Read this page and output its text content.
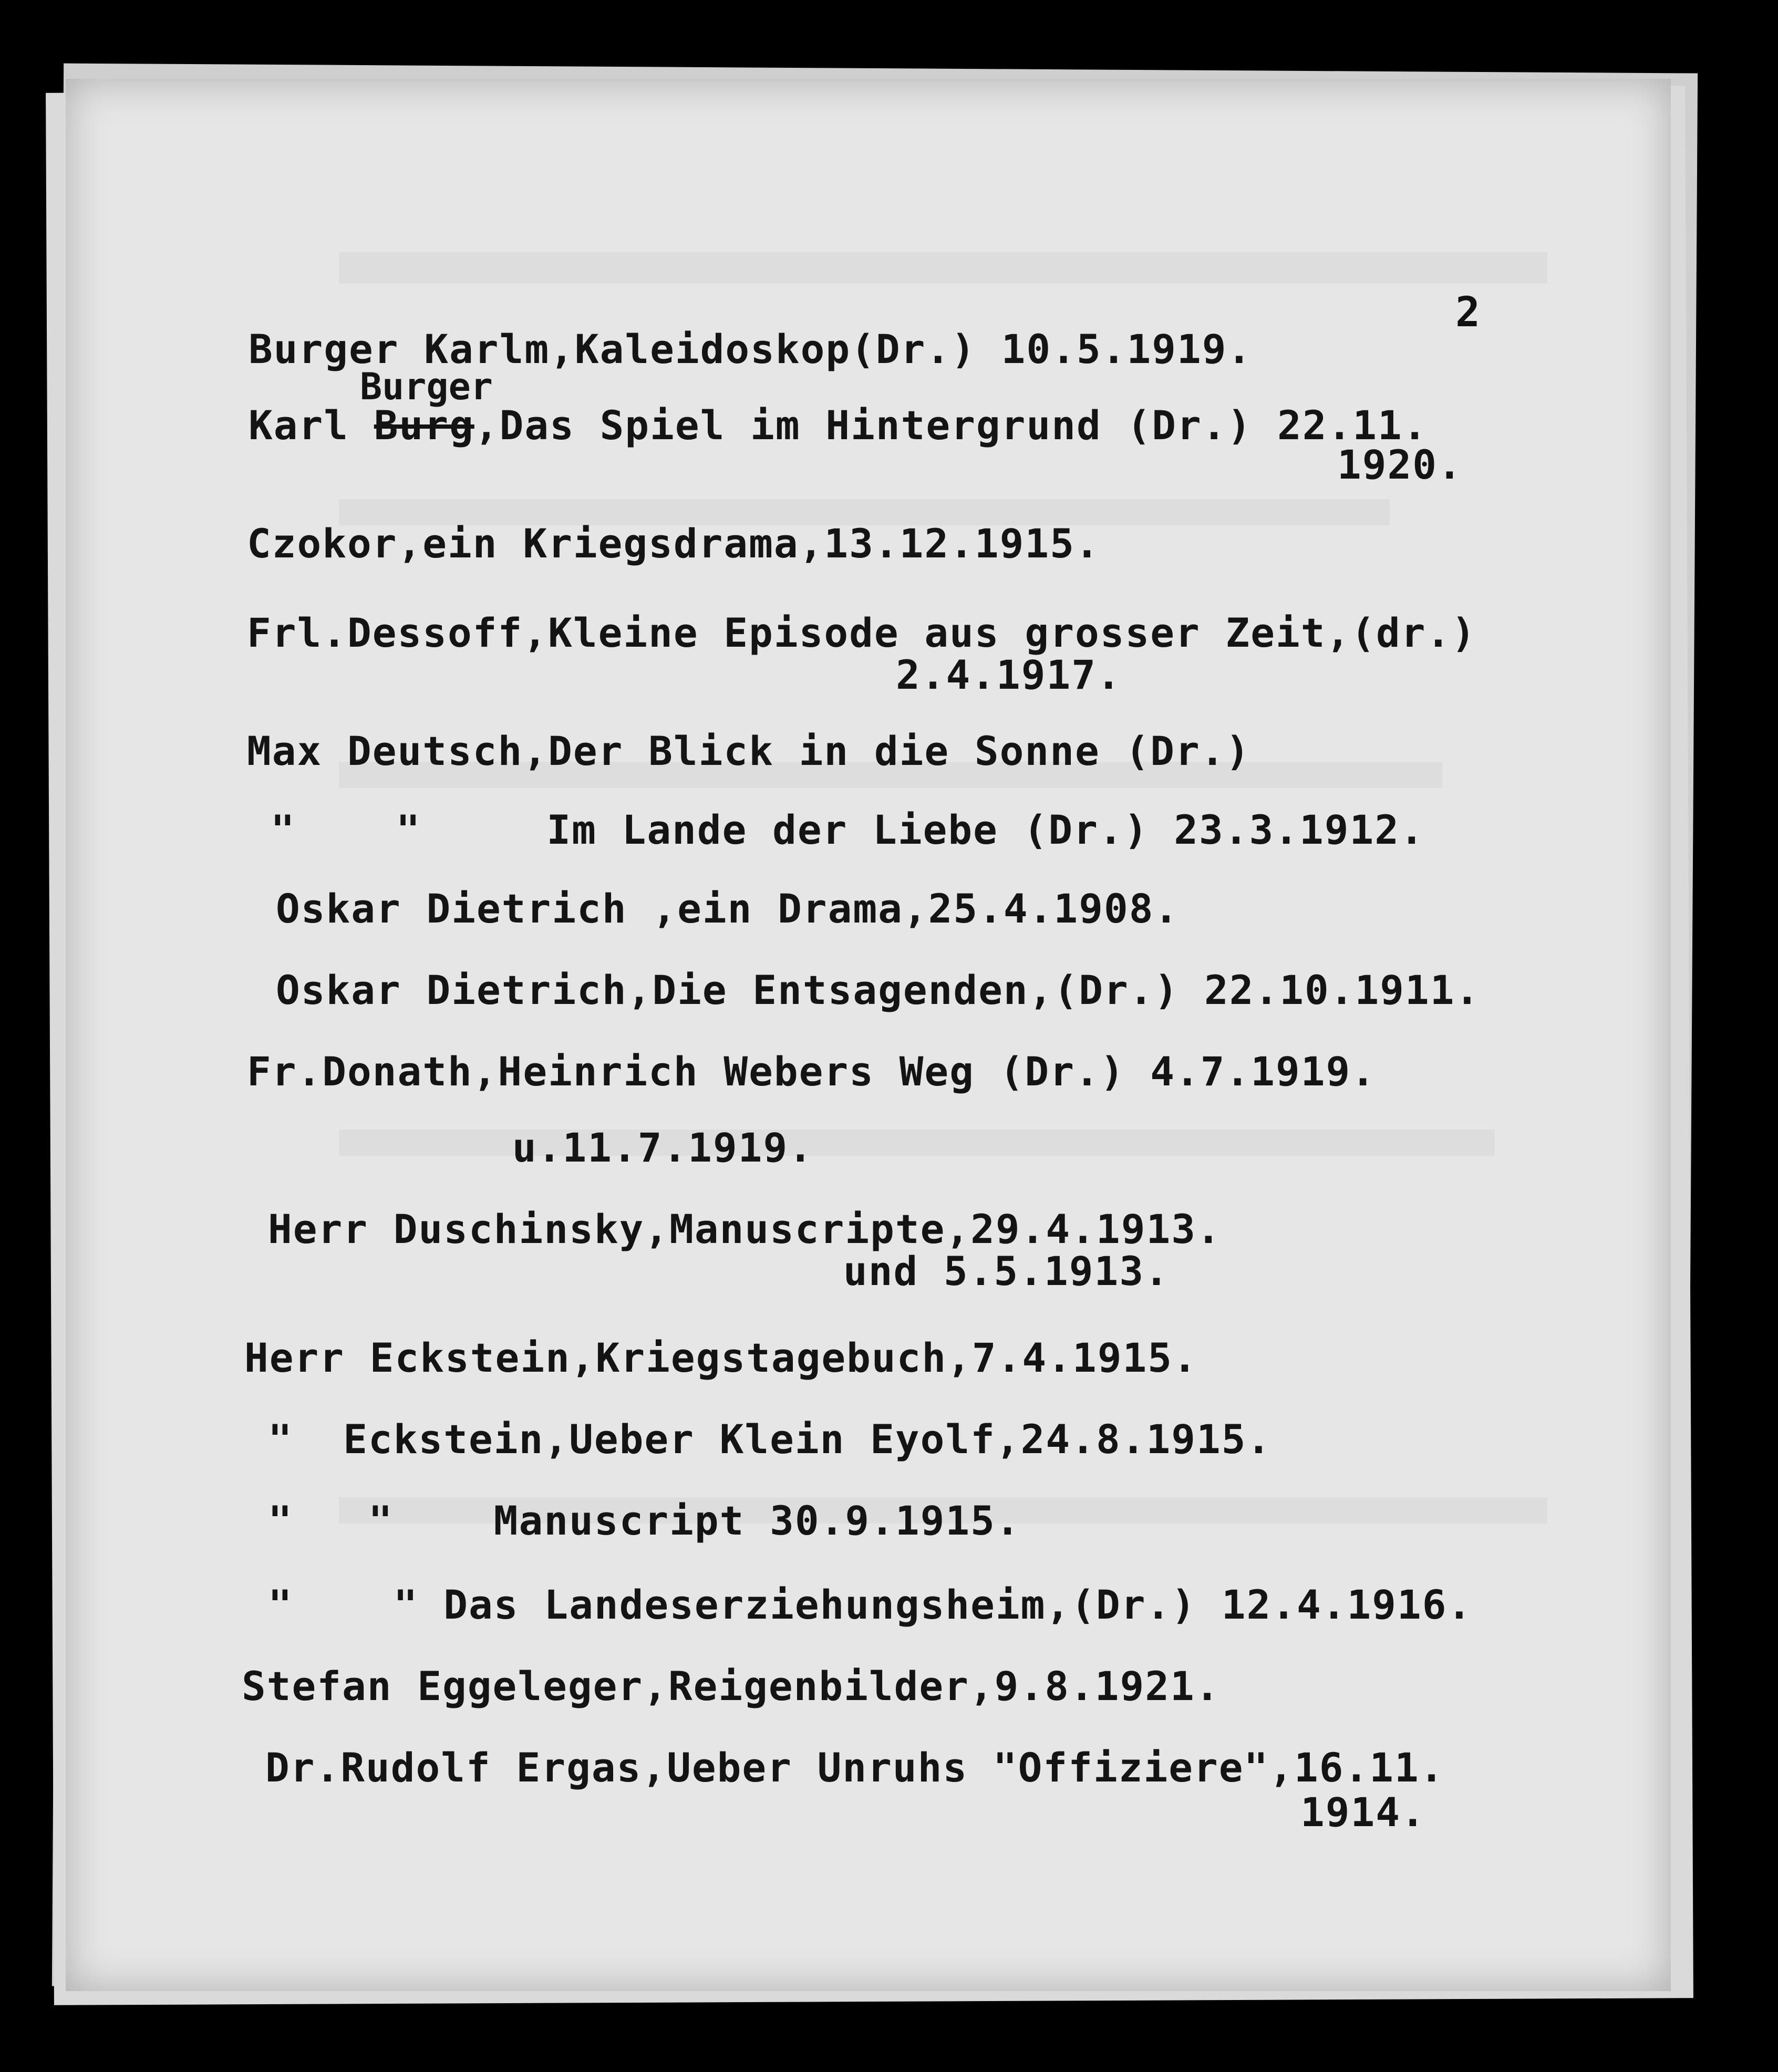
2
Burger Karlm,Kaleidoskop(Dr.) 10.5.1919.
Burger
Karl Burg,Das Spiel im Hintergrund (Dr.) 22.11.
1920.
Czokor,ein Kriegsdrama,13.12.1915.
Frl.Dessoff,Kleine Episode aus grosser Zeit,(dr.)
2.4.1917.
Max Deutsch,Der Blick in die Sonne (Dr.)
"    "     Im Lande der Liebe (Dr.) 23.3.1912.
Oskar Dietrich ,ein Drama,25.4.1908.
Oskar Dietrich,Die Entsagenden,(Dr.) 22.10.1911.
Fr.Donath,Heinrich Webers Weg (Dr.) 4.7.1919.
u.11.7.1919.
Herr Duschinsky,Manuscripte,29.4.1913.
und 5.5.1913.
Herr Eckstein,Kriegstagebuch,7.4.1915.
"  Eckstein,Ueber Klein Eyolf,24.8.1915.
"   "    Manuscript 30.9.1915.
"    " Das Landeserziehungsheim,(Dr.) 12.4.1916.
Stefan Eggeleger,Reigenbilder,9.8.1921.
Dr.Rudolf Ergas,Ueber Unruhs "Offiziere",16.11.
1914.
